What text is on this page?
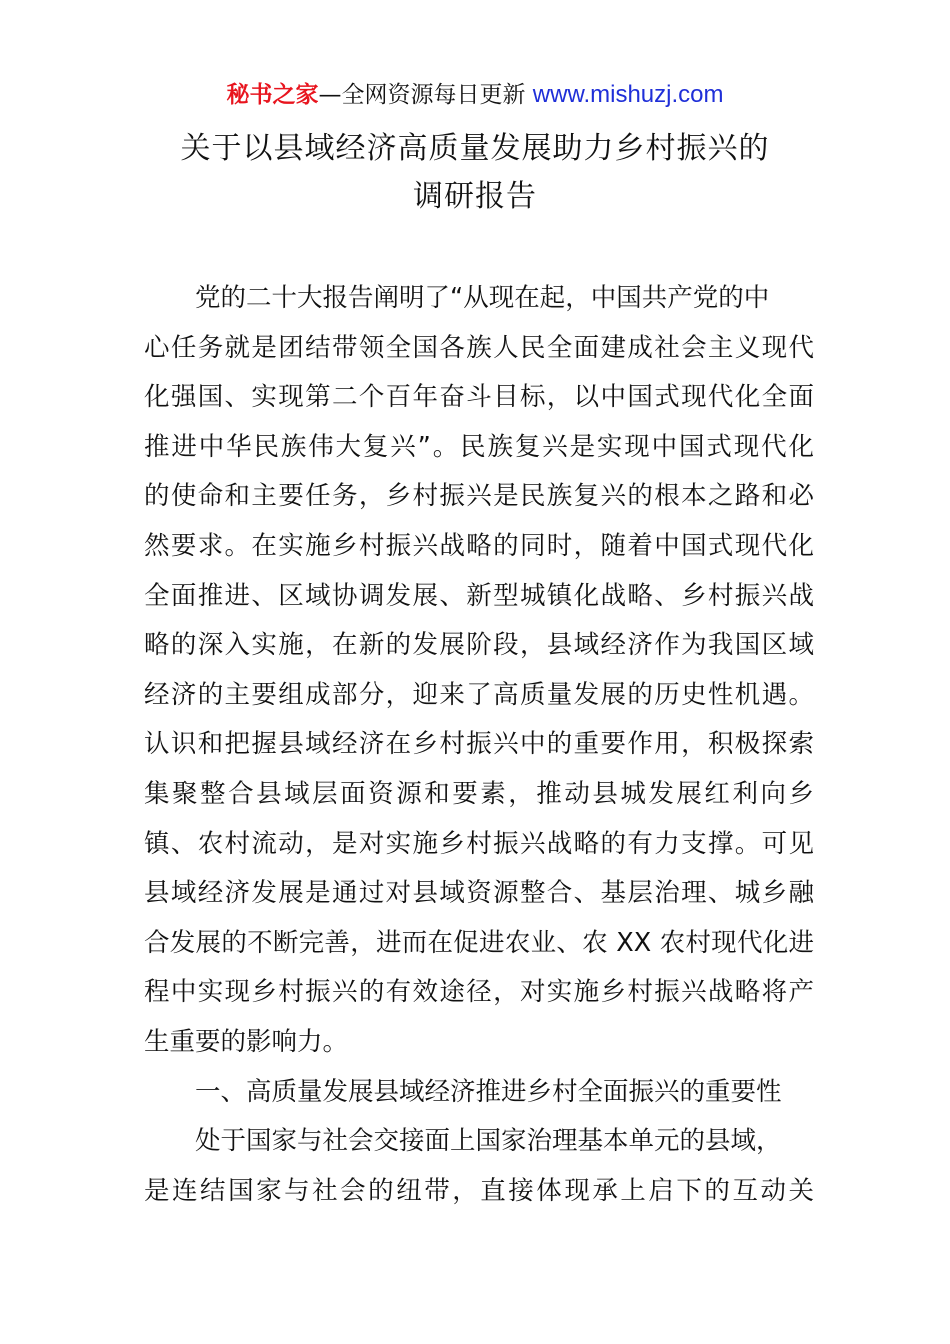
秘书之家—全网资源每日更新 www.mishuzj.com
关于以县域经济高质量发展助力乡村振兴的
调研报告
党的二十大报告阐明了“从现在起，中国共产党的中
心任务就是团结带领全国各族人民全面建成社会主义现代
化强国、实现第二个百年奋斗目标，以中国式现代化全面
推进中华民族伟大复兴”。民族复兴是实现中国式现代化
的使命和主要任务，乡村振兴是民族复兴的根本之路和必
然要求。在实施乡村振兴战略的同时，随着中国式现代化
全面推进、区域协调发展、新型城镇化战略、乡村振兴战
略的深入实施，在新的发展阶段，县域经济作为我国区域
经济的主要组成部分，迎来了高质量发展的历史性机遇。
认识和把握县域经济在乡村振兴中的重要作用，积极探索
集聚整合县域层面资源和要素，推动县城发展红利向乡
镇、农村流动，是对实施乡村振兴战略的有力支撑。可见
县域经济发展是通过对县域资源整合、基层治理、城乡融
合发展的不断完善，进而在促进农业、农 XX 农村现代化进
程中实现乡村振兴的有效途径，对实施乡村振兴战略将产
生重要的影响力。
一、高质量发展县域经济推进乡村全面振兴的重要性
处于国家与社会交接面上国家治理基本单元的县域，
是连结国家与社会的纽带，直接体现承上启下的互动关
